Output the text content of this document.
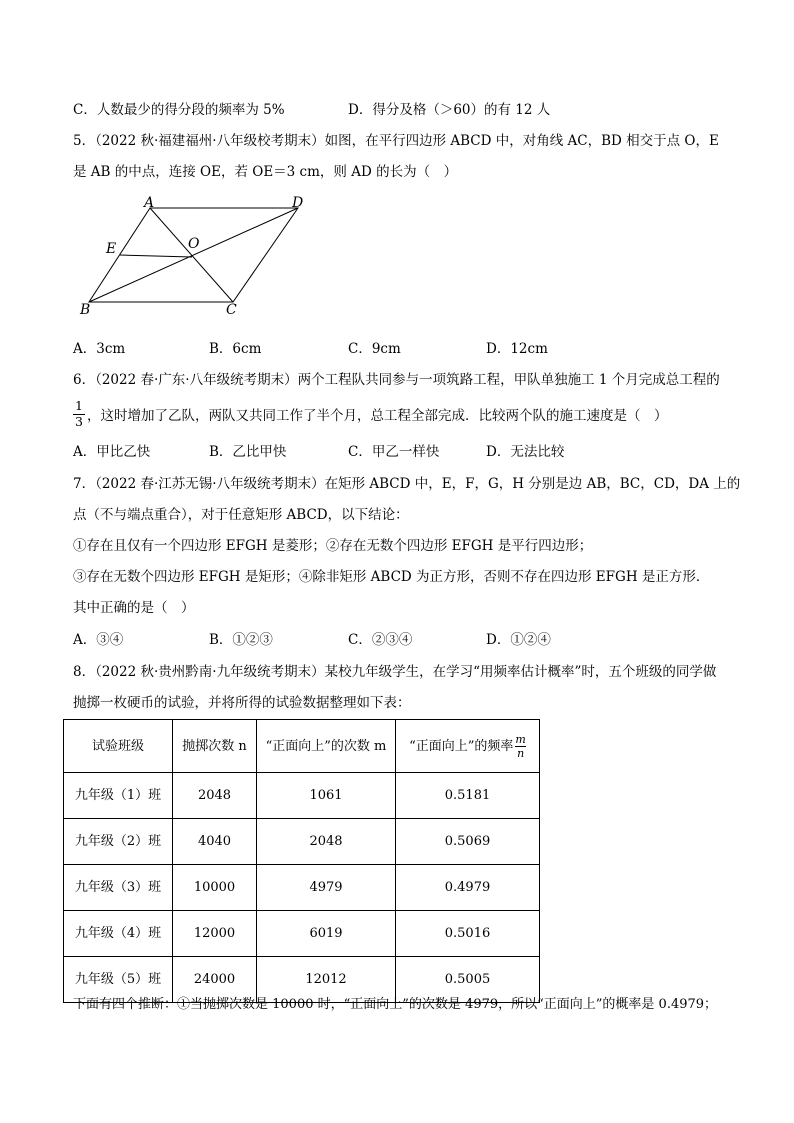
C．人数最少的得分段的频率为 5%	D．得分及格（＞60）的有 12 人
5．（2022 秋·福建福州·八年级校考期末）如图，在平行四边形 ABCD 中，对角线 AC，BD 相交于点 O，E
是 AB 的中点，连接 OE，若 OE＝3 cm，则 AD 的长为（　）
A	D
E	O
B	C
A．3cm	B．6cm	C．9cm	D．12cm
6．（2022 春·广东·八年级统考期末）两个工程队共同参与一项筑路工程，甲队单独施工 1 个月完成总工程的
1
3 ，这时增加了乙队，两队又共同工作了半个月，总工程全部完成．比较两个队的施工速度是（　）
A．甲比乙快	B．乙比甲快	C．甲乙一样快	D．无法比较
7．（2022 春·江苏无锡·八年级统考期末）在矩形 ABCD 中，E，F，G，H 分别是边 AB，BC，CD，DA 上的
点（不与端点重合），对于任意矩形 ABCD，以下结论：
①存在且仅有一个四边形 EFGH 是菱形；②存在无数个四边形 EFGH 是平行四边形；
③存在无数个四边形 EFGH 是矩形；④除非矩形 ABCD 为正方形，否则不存在四边形 EFGH 是正方形．
其中正确的是（　）
A．③④	B．①②③	C．②③④	D．①②④
8．（2022 秋·贵州黔南·九年级统考期末）某校九年级学生，在学习“用频率估计概率”时，五个班级的同学做
抛掷一枚硬币的试验，并将所得的试验数据整理如下表：
试验班级	抛掷次数 n	“正面向上”的次数 m	“正面向上”的频率 $\frac{m}{n}$

九年级（1）班	2048	1061	0.5181
九年级（2）班	4040	2048	0.5069
九年级（3）班	10000	4979	0.4979
九年级（4）班	12000	6019	0.5016
九年级（5）班	24000	12012	0.5005
下面有四个推断：①当抛掷次数是 10000 时，“正面向上”的次数是 4979，所以“正面向上”的概率是 0.4979；
